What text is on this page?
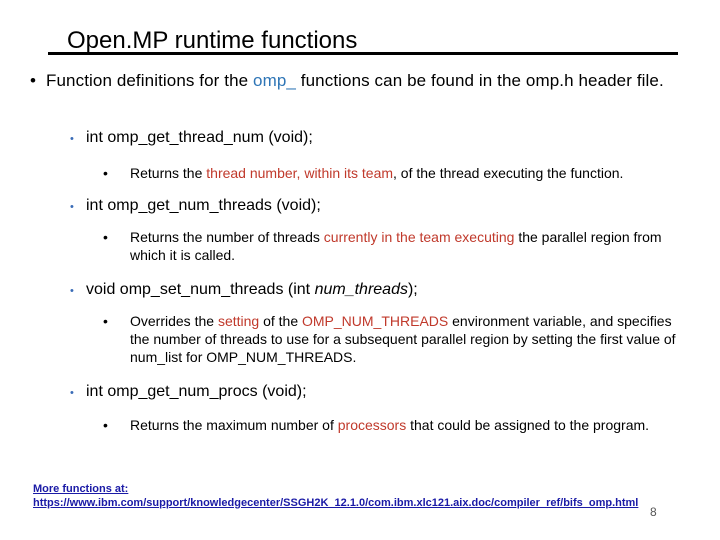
Open.MP runtime functions
• Function definitions for the omp_ functions can be found in the omp.h header file.
• int omp_get_thread_num (void);
• Returns the thread number, within its team, of the thread executing the function.
• int omp_get_num_threads (void);
• Returns the number of threads currently in the team executing the parallel region from which it is called.
• void omp_set_num_threads (int num_threads);
• Overrides the setting of the OMP_NUM_THREADS environment variable, and specifies the number of threads to use for a subsequent parallel region by setting the first value of num_list for OMP_NUM_THREADS.
• int omp_get_num_procs (void);
• Returns the maximum number of processors that could be assigned to the program.
More functions at:
https://www.ibm.com/support/knowledgecenter/SSGH2K_12.1.0/com.ibm.xlc121.aix.doc/compiler_ref/bifs_omp.html
8
